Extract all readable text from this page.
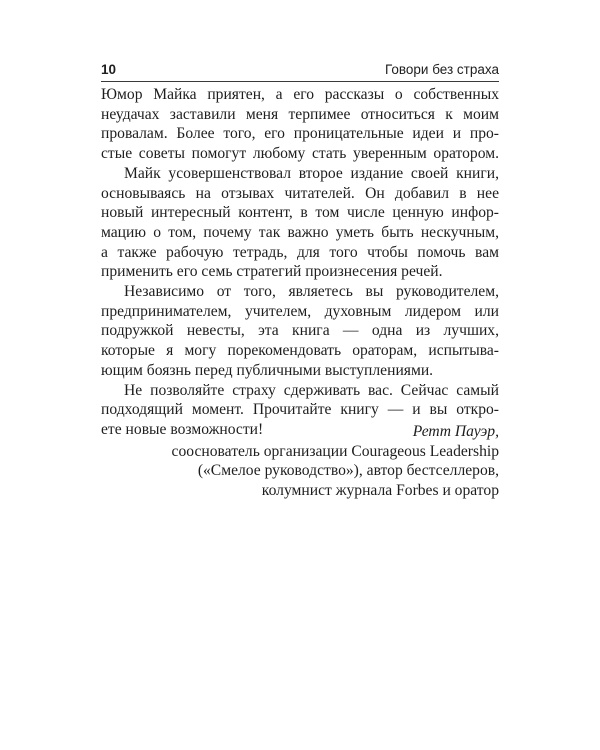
10	Говори без страха
Юмор Майка приятен, а его рассказы о собственных
неудачах заставили меня терпимее относиться к моим
провалам. Более того, его проницательные идеи и про-
стые советы помогут любому стать уверенным оратором.
Майк усовершенствовал второе издание своей книги,
основываясь на отзывах читателей. Он добавил в нее
новый интересный контент, в том числе ценную инфор-
мацию о том, почему так важно уметь быть нескучным,
а также рабочую тетрадь, для того чтобы помочь вам
применить его семь стратегий произнесения речей.
Независимо от того, являетесь вы руководителем,
предпринимателем, учителем, духовным лидером или
подружкой невесты, эта книга — одна из лучших,
которые я могу порекомендовать ораторам, испытыва-
ющим боязнь перед публичными выступлениями.
Не позволяйте страху сдерживать вас. Сейчас самый
подходящий момент. Прочитайте книгу — и вы откро-
ете новые возможности!	Ретт Пауэр,
сооснователь организации Courageous Leadership
(«Смелое руководство»), автор бестселлеров,
колумнист журнала Forbes и оратор
